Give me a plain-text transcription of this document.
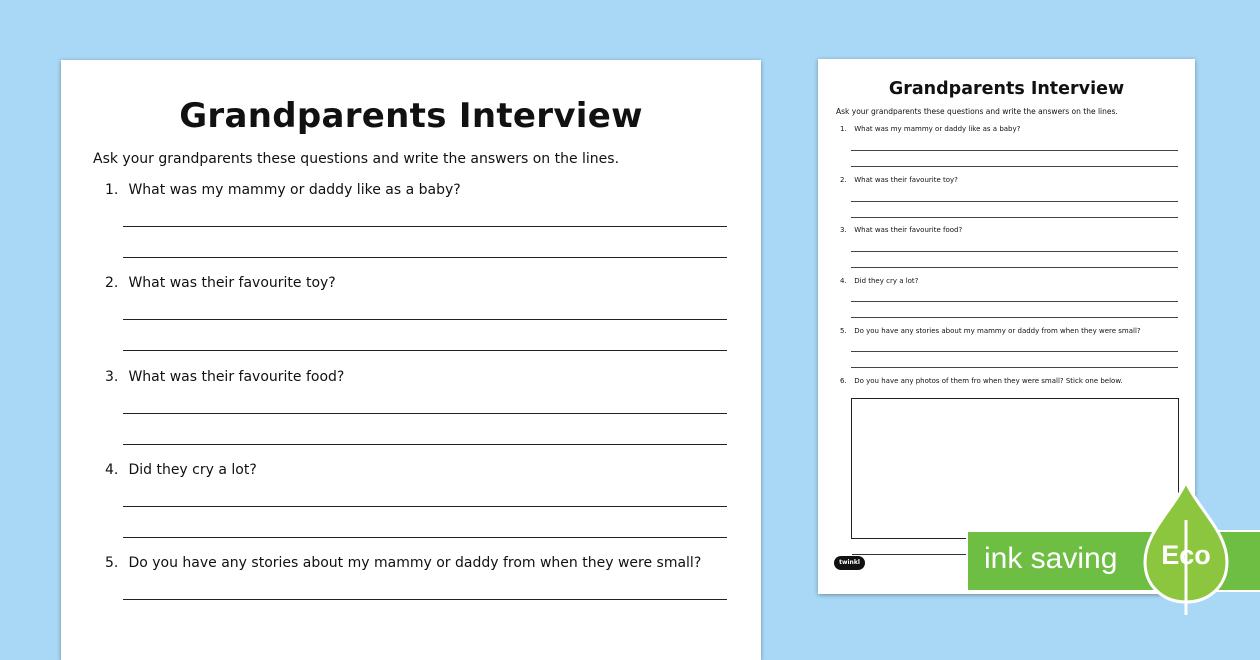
Grandparents Interview
Ask your grandparents these questions and write the answers on the lines.
1. What was my mammy or daddy like as a baby?
2. What was their favourite toy?
3. What was their favourite food?
4. Did they cry a lot?
5. Do you have any stories about my mammy or daddy from when they were small?
Grandparents Interview
Ask your grandparents these questions and write the answers on the lines.
1. What was my mammy or daddy like as a baby?
2. What was their favourite toy?
3. What was their favourite food?
4. Did they cry a lot?
5. Do you have any stories about my mammy or daddy from when they were small?
6. Do you have any photos of them fro when they were small? Stick one below.
twinkl	ink saving	Eco
